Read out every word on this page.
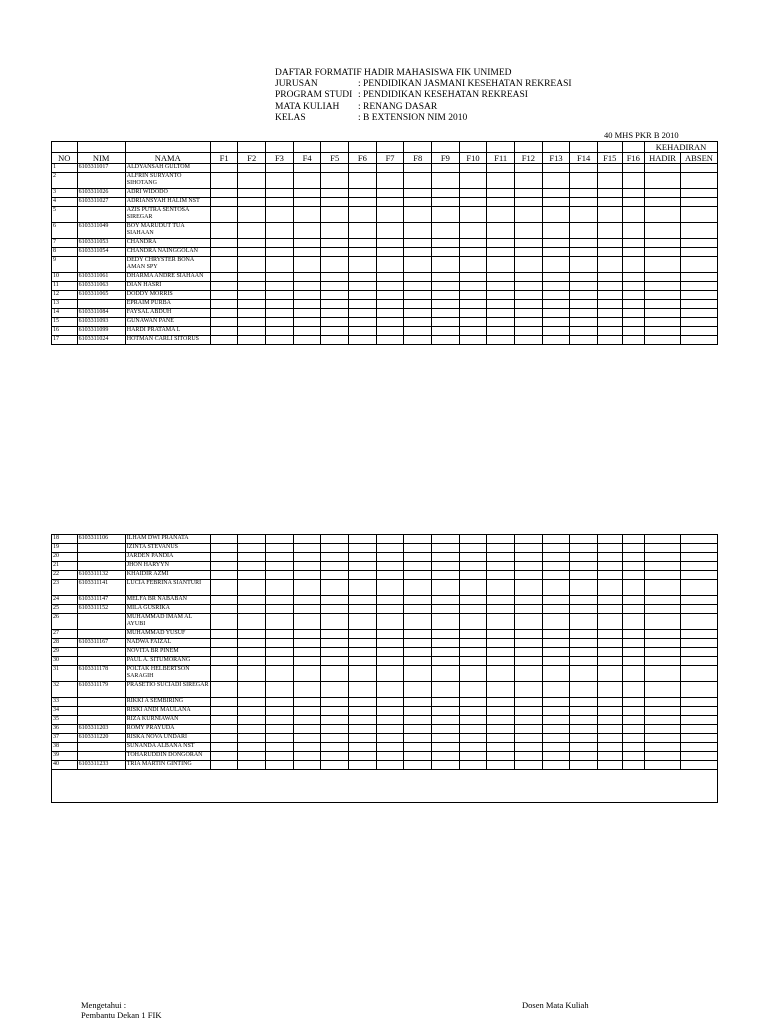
DAFTAR FORMATIF HADIR MAHASISWA FIK UNIMED
JURUSAN	: PENDIDIKAN JASMANI KESEHATAN REKREASI
PROGRAM STUDI : PENDIDIKAN KESEHATAN REKREASI
MATA KULIAH	: RENANG DASAR
KELAS	: B EXTENSION NIM 2010
40 MHS PKR B 2010
																			KEHADIRAN	
NO	NIM	NAMA	F1	F2	F3	F4	F5	F6	F7	F8	F9	F10	F11	F12	F13	F14	F15	F16	HADIR	ABSEN
1	6103311017	ALDYANSAH GULTOM																		
2		ALFRIN SURYANTO SIHOTANG																		
3	6103311026	ADRI WIDODO																		
4	6103311027	ADRIANSYAH HALIM NST																		
5		AZIS PUTRA SENTOSA SIREGAR																		
6	6103311049	BOY MARUDUT TUA SIAHAAN																		
7	6103311053	CHANDRA																		
8	6103311054	CHANDRA NAINGGOLAN																		
9		DEDY CHRYSTER BONA AMAN SPY																		
10	6103311061	DHARMA ANDRE SIAHAAN																		
11	6103311063	DIAN HASRI																		
12	6103311065	DODDY MORRIS																		
13		EPRAIM PURBA																		
14	6103311084	FAYSAL ABDUH																		
15	6103311093	GUNAWAN PANE																		
16	6103311099	HARDI PRATAMA L																		
17	6103311024	HOTMAN CARLI SITORUS																		
18	6103311106	ILHAM DWI PRANATA																		
19		IZINTA STEVANUS																		
20		JARDEN PANDIA																		
21		JHON HARYYN																		
22	6103311132	KHAIDIR AZMI																		
23	6103311141	LUCIA FEBRINA SIANTURI																		
24	6103311147	MELFA BR NABABAN																		
25	6103311152	MILA GUSRIKA																		
26		MUHAMMAD IMAM AL AYUBI																		
27		MUHAMMAD YUSUF																		
28	6103311167	NADWA FAIZAL																		
29		NOVITA BR PINEM																		
30		PAUL A. SITUMORANG																		
31	6103311178	POLTAK HELBERTSON SARAGIH																		
32	6103311179	PRASETIO SUCIADI SIREGAR																		
33		RIKKI A SEMBIRING																		
34		RISKI ANDI MAULANA																		
35		RIZA KURNIAWAN																		
36	6103311203	ROMY PRAYUDA																		
37	6103311220	RISKA NOVA UNDARI																		
38		SUNANDA ALBANA NST																		
39		TOHARUDDIN DONGORAN																		
40	6103311233	TRIA MARTIN GINTING																		

Mengetahui :
Pembantu Dekan 1 FIK
Dosen Mata Kuliah
